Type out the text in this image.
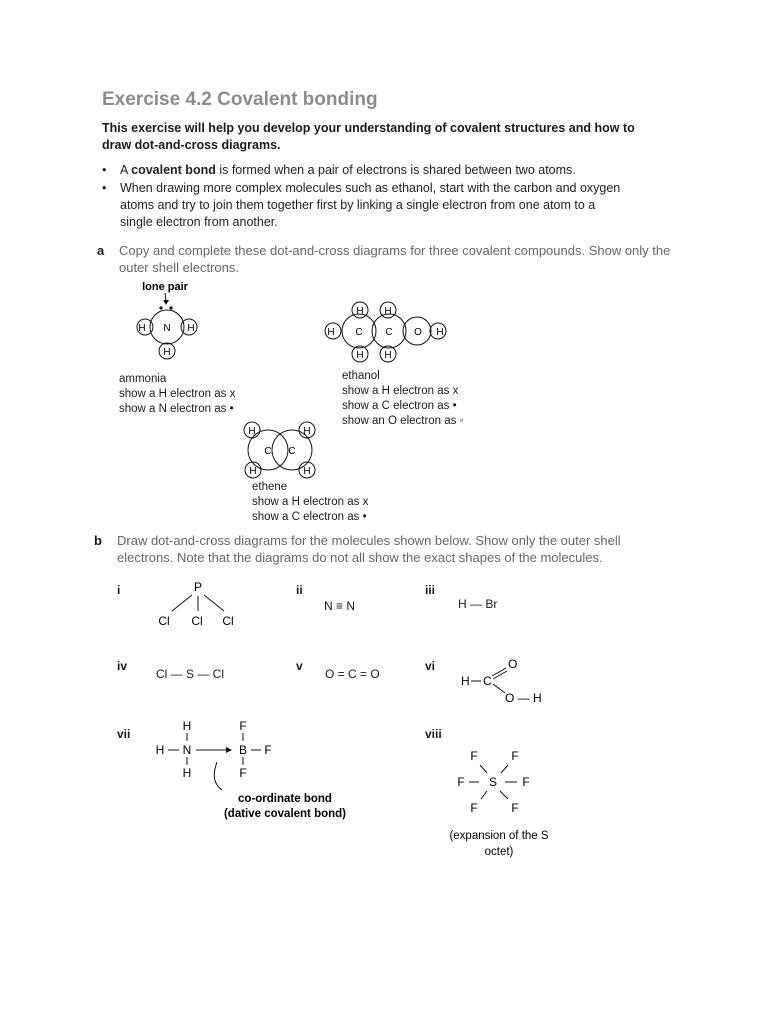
Exercise 4.2 Covalent bonding
This exercise will help you develop your understanding of covalent structures and how to draw dot-and-cross diagrams.
•	A covalent bond is formed when a pair of electrons is shared between two atoms.
•	When drawing more complex molecules such as ethanol, start with the carbon and oxygen atoms and try to join them together first by linking a single electron from one atom to a single electron from another.
a Copy and complete these dot-and-cross diagrams for three covalent compounds. Show only the outer shell electrons.
lone pair
H N H
H
ammonia
show a H electron as x
show a N electron as •
H C C O H
H H
H H
ethanol
show a H electron as x
show a C electron as •
show an O electron as ◦
H	H
C C
H	H
ethene
show a H electron as x
show a C electron as •
b Draw dot-and-cross diagrams for the molecules shown below. Show only the outer shell electrons. Note that the diagrams do not all show the exact shapes of the molecules.
i	P
Cl Cl Cl
ii
N ≡ N
iii
H — Br
iv
Cl — S — Cl
v
O = C = O
vi
H C
O
O — H
vii
H
H N
H
F
B F
F
co-ordinate bond
(dative covalent bond)
viii
F	F
F S F
F	F
(expansion of the S
octet)
